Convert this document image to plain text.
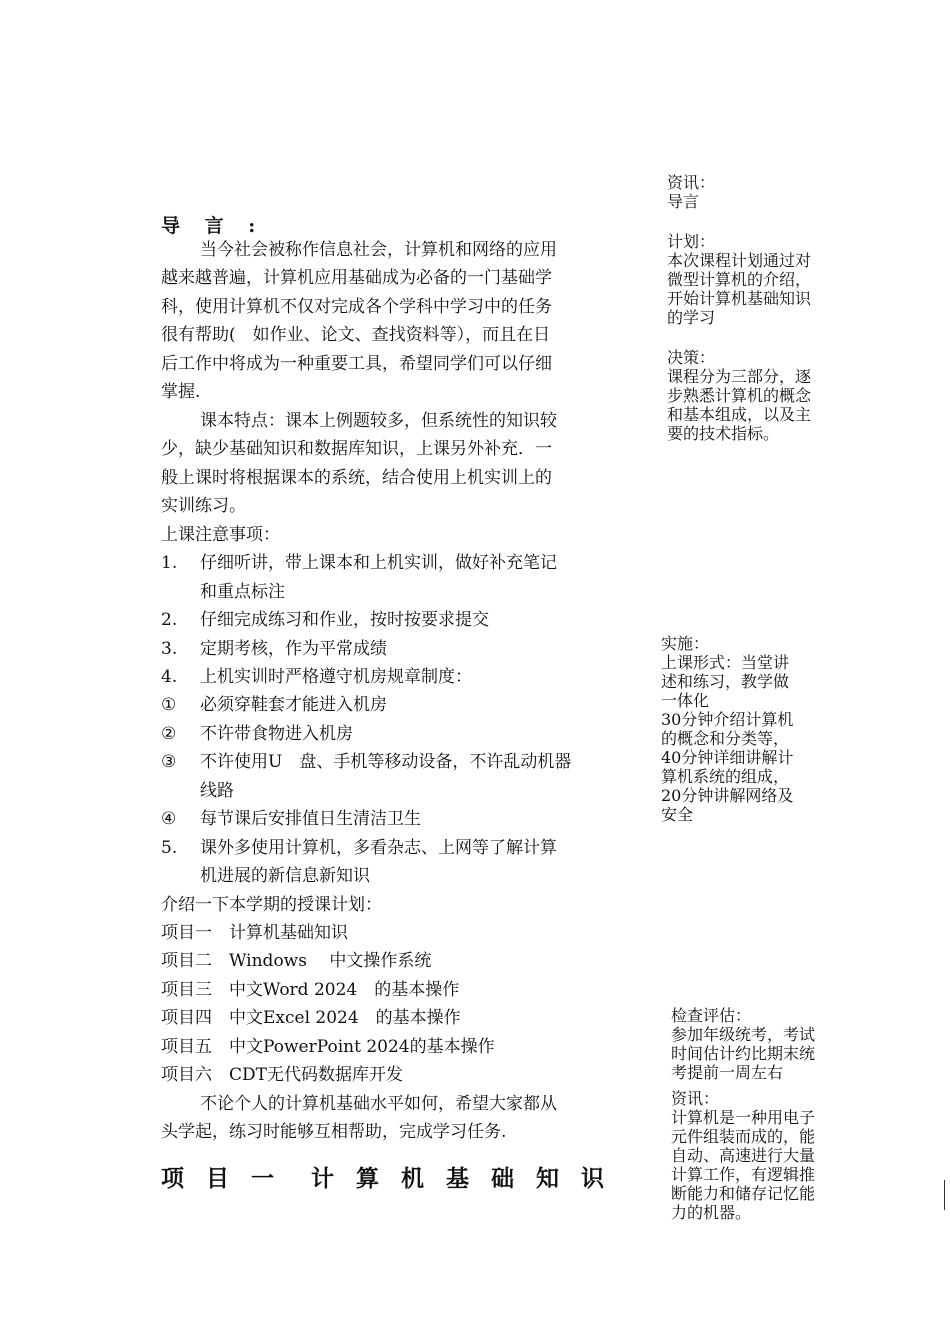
导 言 :
当今社会被称作信息社会，计算机和网络的应用
越来越普遍，计算机应用基础成为必备的一门基础学
科，使用计算机不仅对完成各个学科中学习中的任务
很有帮助(　如作业、论文、查找资料等），而且在日
后工作中将成为一种重要工具，希望同学们可以仔细
掌握.
课本特点：课本上例题较多，但系统性的知识较
少，缺少基础知识和数据库知识，上课另外补充．一
般上课时将根据课本的系统，结合使用上机实训上的
实训练习。
上课注意事项：
1. 仔细听讲，带上课本和上机实训，做好补充笔记
和重点标注
2. 仔细完成练习和作业，按时按要求提交
3. 定期考核，作为平常成绩
4. 上机实训时严格遵守机房规章制度：
① 必须穿鞋套才能进入机房
② 不许带食物进入机房
③ 不许使用U　盘、手机等移动设备，不许乱动机器
线路
④ 每节课后安排值日生清洁卫生
5. 课外多使用计算机，多看杂志、上网等了解计算
机进展的新信息新知识
介绍一下本学期的授课计划：
项目一　计算机基础知识
项目二　Windows　 中文操作系统
项目三　中文Word 2024　的基本操作
项目四　中文Excel 2024　的基本操作
项目五　中文PowerPoint 2024的基本操作
项目六　CDT无代码数据库开发
不论个人的计算机基础水平如何，希望大家都从
头学起，练习时能够互相帮助，完成学习任务.
项 目 一　计 算 机 基 础 知 识
资讯：
导言
计划：
本次课程计划通过对
微型计算机的介绍，
开始计算机基础知识
的学习
决策：
课程分为三部分，逐
步熟悉计算机的概念
和基本组成，以及主
要的技术指标。
实施：
上课形式：当堂讲
述和练习，教学做
一体化
30分钟介绍计算机
的概念和分类等，
40分钟详细讲解计
算机系统的组成，
20分钟讲解网络及
安全
检查评估：
参加年级统考，考试
时间估计约比期末统
考提前一周左右
资讯：
计算机是一种用电子
元件组装而成的，能
自动、高速进行大量
计算工作，有逻辑推
断能力和储存记忆能
力的机器。
